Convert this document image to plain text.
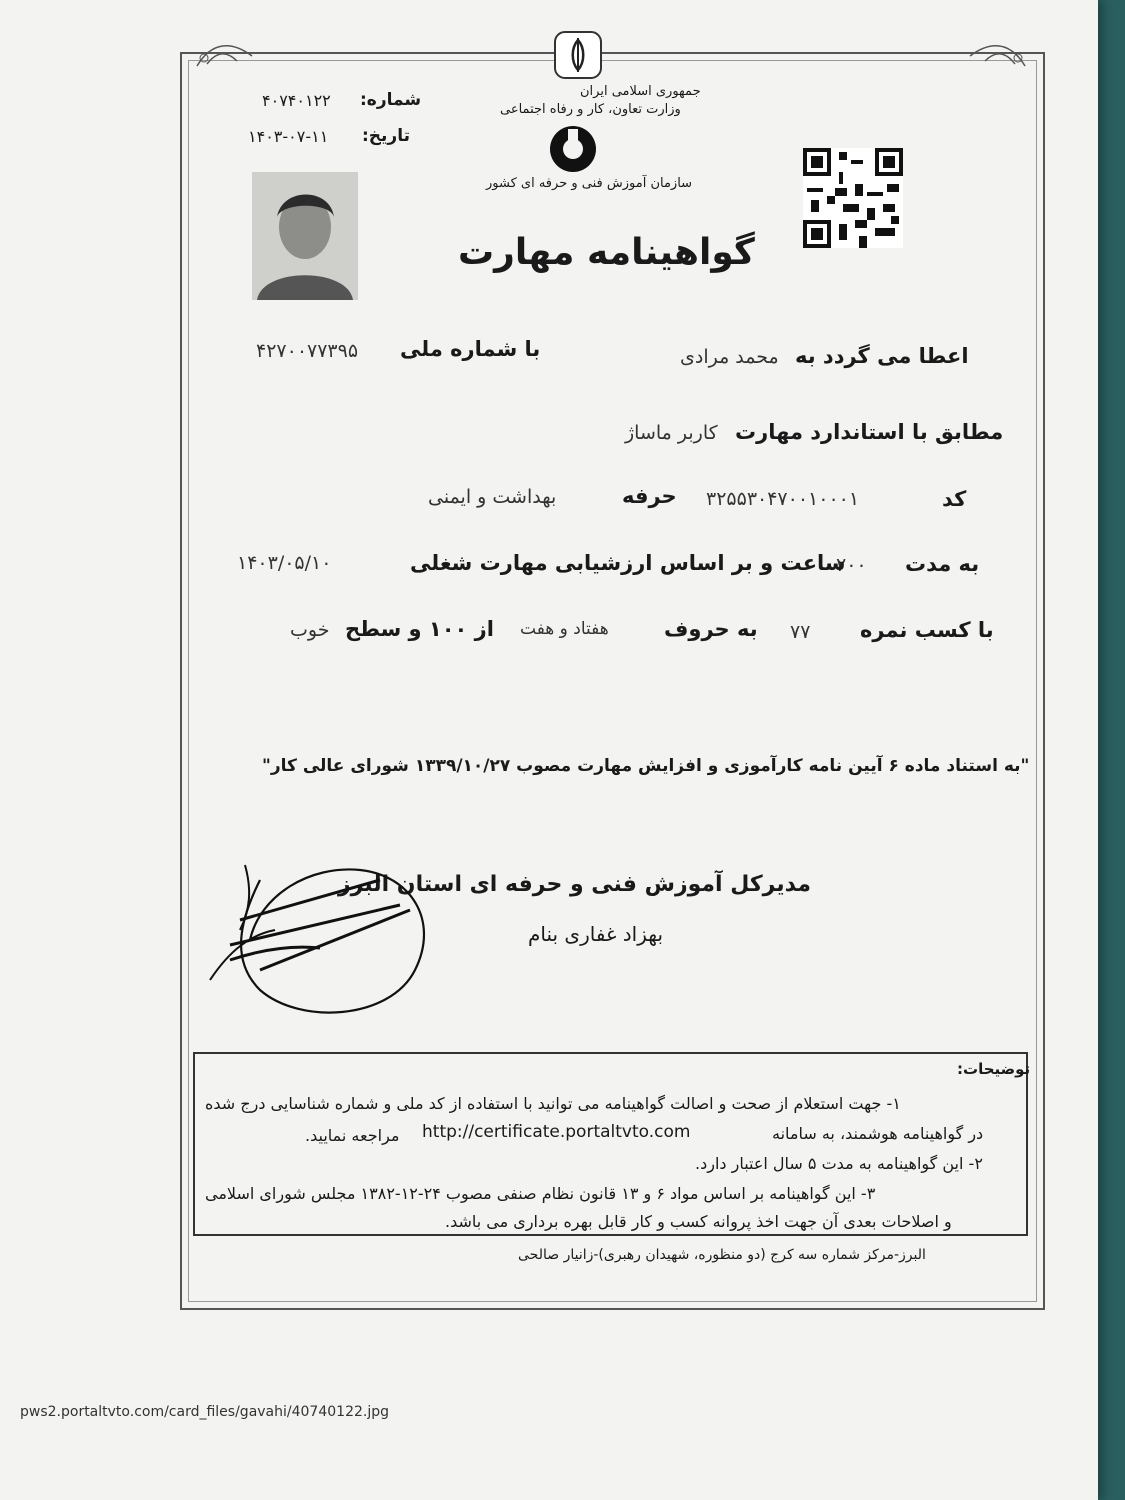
جمهوری اسلامی ایران
وزارت تعاون، کار و رفاه اجتماعی
سازمان آموزش فنی و حرفه ای کشور
شماره:
۴۰۷۴۰۱۲۲
تاریخ:
۱۴۰۳-۰۷-۱۱
گواهینامه مهارت
اعطا می گردد به
محمد مرادی
با شماره ملی
۴۲۷۰۰۷۷۳۹۵
مطابق با استاندارد مهارت
کاربر ماساژ
کد
۳۲۵۵۳۰۴۷۰۰۱۰۰۰۱
حرفه
بهداشت و ایمنی
به مدت
۲۰۰
ساعت و بر اساس ارزشیابی مهارت شغلی
۱۴۰۳/۰۵/۱۰
با کسب نمره
۷۷
به حروف
هفتاد و هفت
از ۱۰۰ و سطح
خوب
"به استناد ماده ۶ آیین نامه کارآموزی و افزایش مهارت مصوب ۱۳۳۹/۱۰/۲۷ شورای عالی کار"
مدیرکل آموزش فنی و حرفه ای استان البرز
بهزاد غفاری بنام
توضیحات:
۱- جهت استعلام از صحت و اصالت گواهینامه می توانید با استفاده از کد ملی و شماره شناسایی درج شده
در گواهینامه هوشمند، به سامانه
http://certificate.portaltvto.com
مراجعه نمایید.
۲- این گواهینامه به مدت ۵ سال اعتبار دارد.
۳- این گواهینامه بر اساس مواد ۶ و ۱۳ قانون نظام صنفی مصوب ۲۴-۱۲-۱۳۸۲ مجلس شورای اسلامی
و اصلاحات بعدی آن جهت اخذ پروانه کسب و کار قابل بهره برداری می باشد.
البرز-مرکز شماره سه کرج (دو منظوره، شهیدان رهبری)-زانیار صالحی
pws2.portaltvto.com/card_files/gavahi/40740122.jpg
